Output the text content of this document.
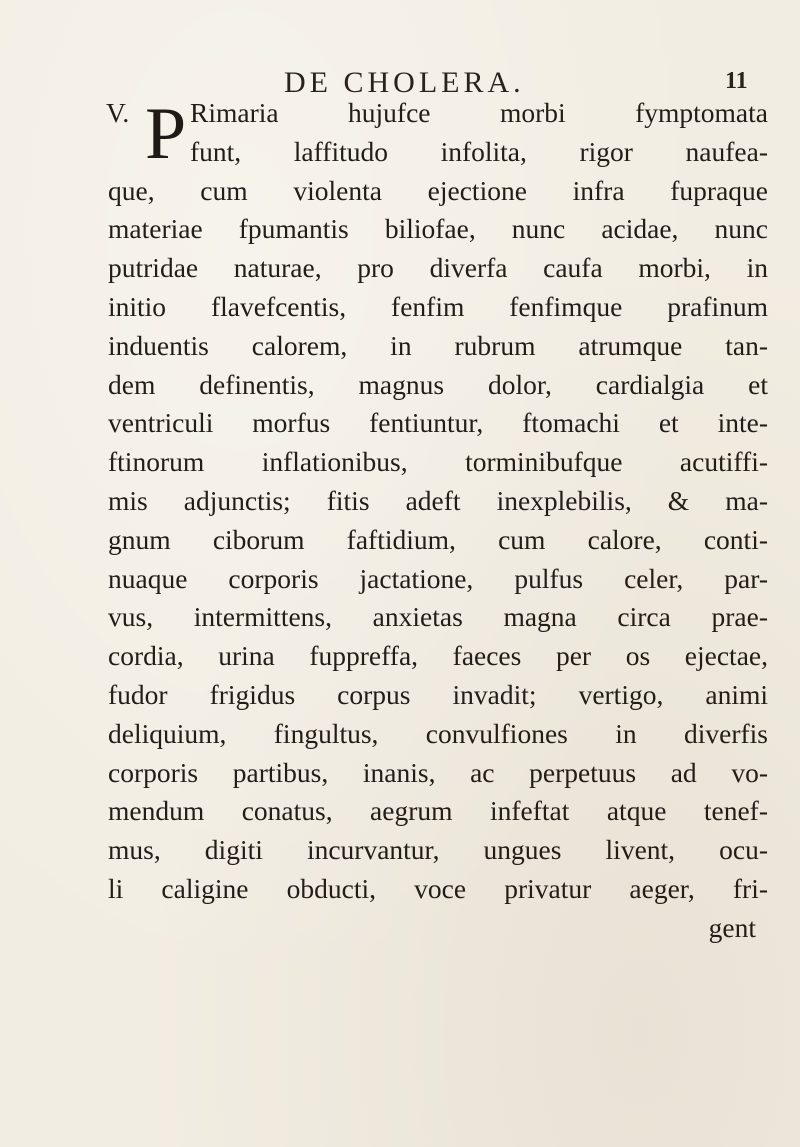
DE CHOLERA.	11
V. P Rimaria hujufce morbi fymptomata
funt, laffitudo infolita, rigor naufea-
que, cum violenta ejectione infra fupraque
materiae fpumantis biliofae, nunc acidae, nunc
putridae naturae, pro diverfa caufa morbi, in
initio flavefcentis, fenfim fenfimque prafinum
induentis calorem, in rubrum atrumque tan-
dem definentis, magnus dolor, cardialgia et
ventriculi morfus fentiuntur, ftomachi et inte-
ftinorum inflationibus, torminibufque acutiffi-
mis adjunctis; fitis adeft inexplebilis, & ma-
gnum ciborum faftidium, cum calore, conti-
nuaque corporis jactatione, pulfus celer, par-
vus, intermittens, anxietas magna circa prae-
cordia, urina fuppreffa, faeces per os ejectae,
fudor frigidus corpus invadit; vertigo, animi
deliquium, fingultus, convulfiones in diverfis
corporis partibus, inanis, ac perpetuus ad vo-
mendum conatus, aegrum infeftat atque tenef-
mus, digiti incurvantur, ungues livent, ocu-
li caligine obducti, voce privatur aeger, fri-
gent
